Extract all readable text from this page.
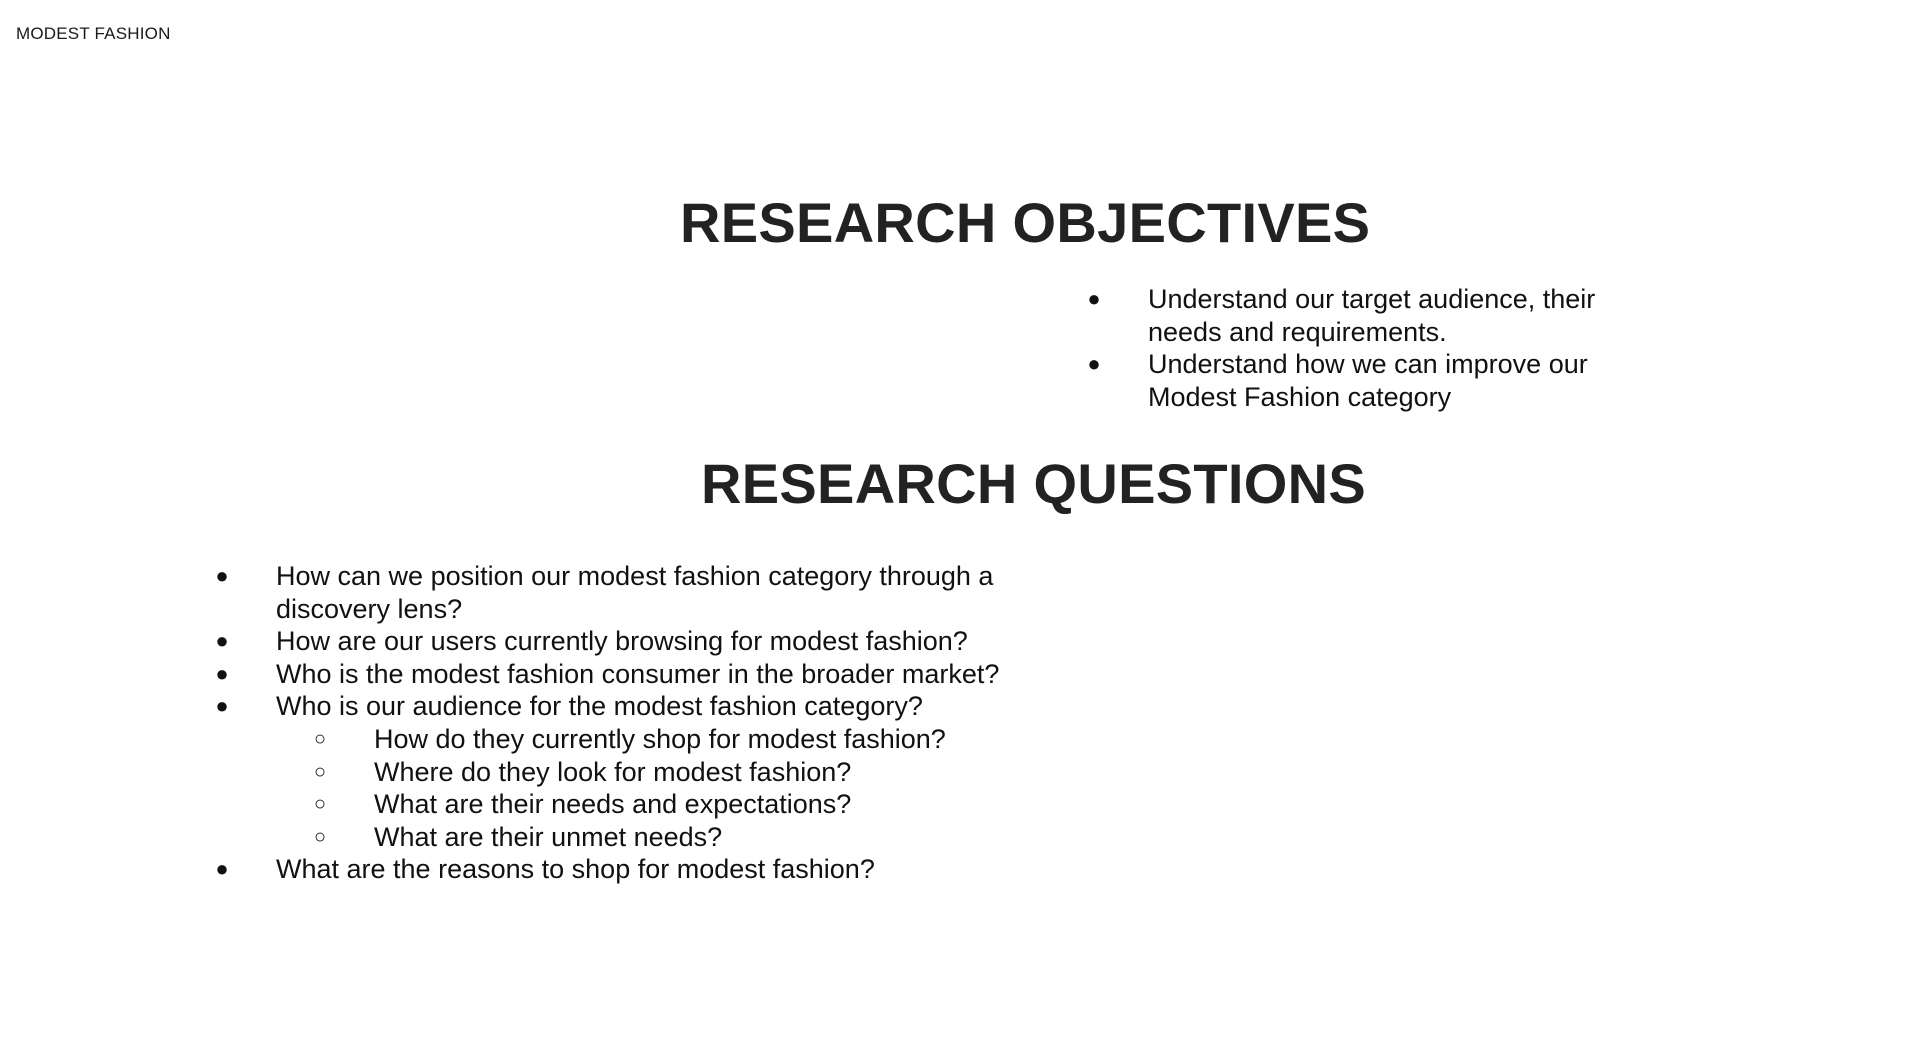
MODEST FASHION
RESEARCH OBJECTIVES
● Understand our target audience, their needs and requirements.
● Understand how we can improve our Modest Fashion category
RESEARCH QUESTIONS
● How can we position our modest fashion category through a discovery lens?
● How are our users currently browsing for modest fashion?
● Who is the modest fashion consumer in the broader market?
● Who is our audience for the modest fashion category?
○ How do they currently shop for modest fashion?
○ Where do they look for modest fashion?
○ What are their needs and expectations?
○ What are their unmet needs?
● What are the reasons to shop for modest fashion?
